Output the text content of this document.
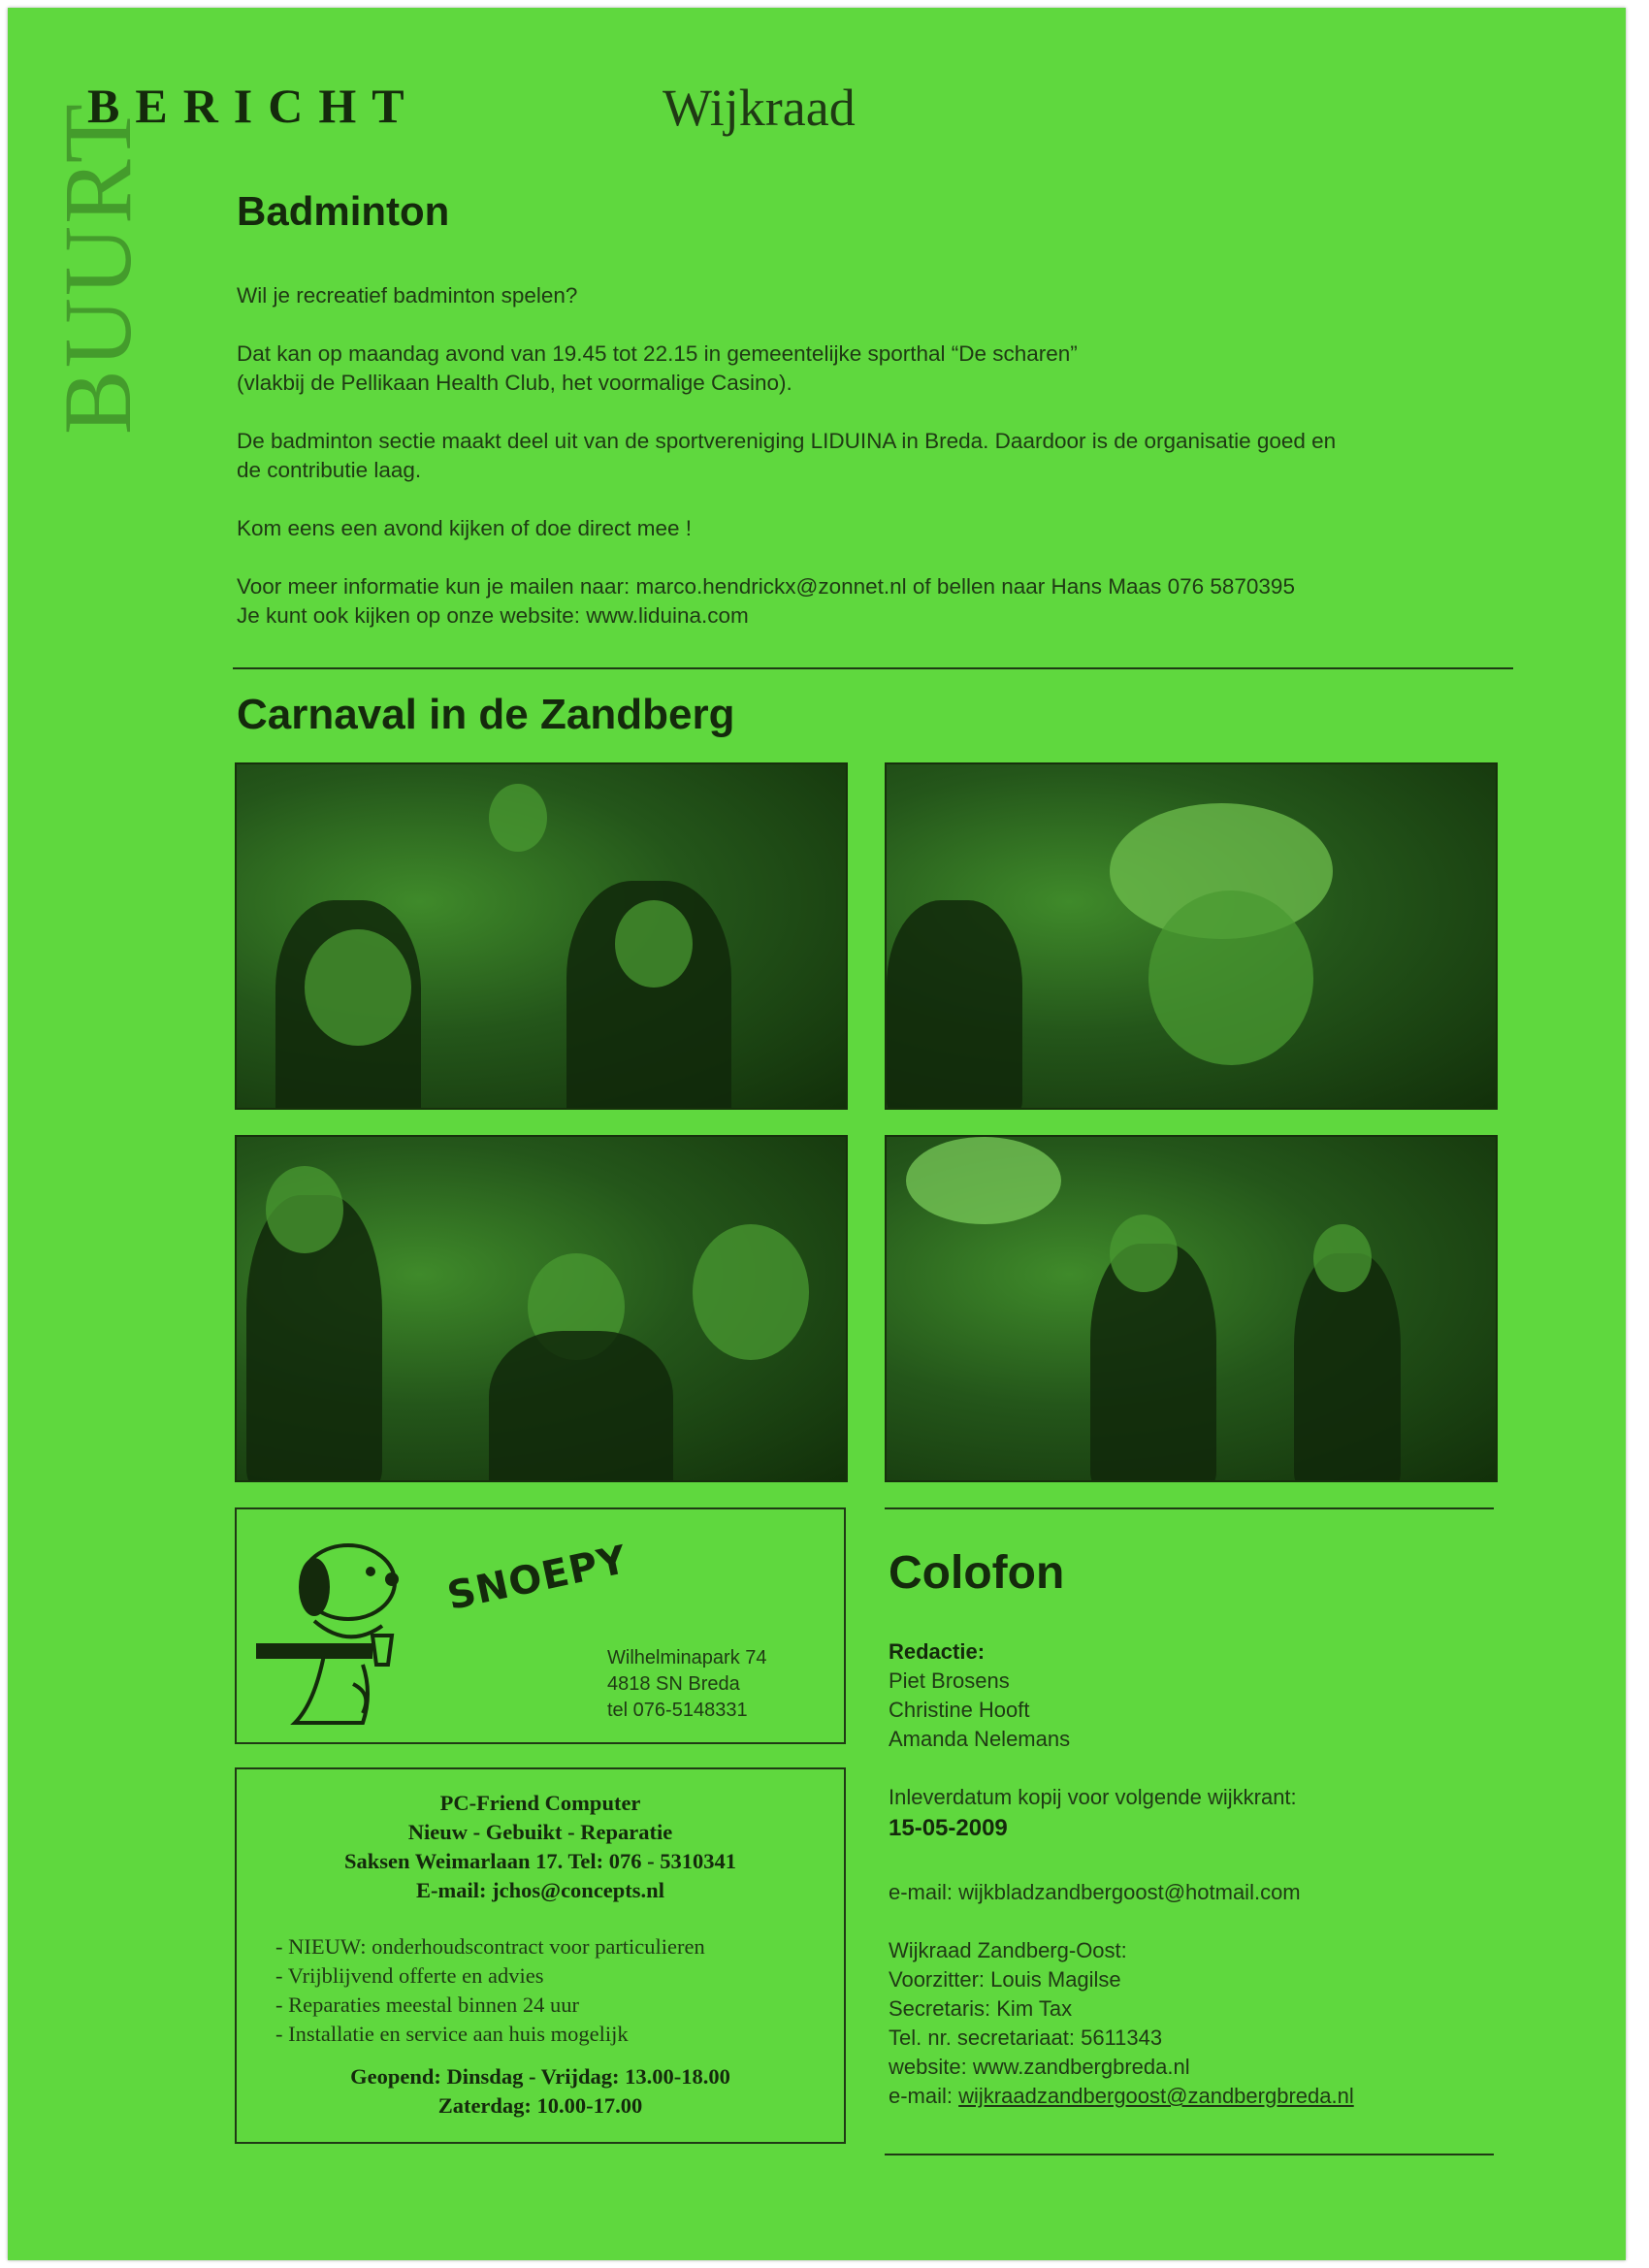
BERICHT	Wijkraad
BUURT Badminton

Wil je recreatief badminton spelen?

Dat kan op maandag avond van 19.45 tot 22.15 in gemeentelijke sporthal “De scharen”

(vlakbij de Pellikaan Health Club, het voormalige Casino).

De badminton sectie maakt deel uit van de sportvereniging LIDUINA in Breda. Daardoor is de organisatie goed en

de contributie laag.

Kom eens een avond kijken of doe direct mee !

Voor meer informatie kun je mailen naar: marco.hendrickx@zonnet.nl of bellen naar Hans Maas 076 5870395

Je kunt ook kijken op onze website: www.liduina.com

Carnaval in de Zandberg
SNOEPY
Wilhelminapark 74
4818 SN Breda
tel 076-5148331
PC-Friend Computer
Nieuw - Gebuikt - Reparatie
Saksen Weimarlaan 17. Tel: 076 - 5310341
E-mail: jchos@concepts.nl
- NIEUW: onderhoudscontract voor particulieren
- Vrijblijvend offerte en advies
- Reparaties meestal binnen 24 uur
- Installatie en service aan huis mogelijk
Geopend: Dinsdag - Vrijdag: 13.00-18.00
Zaterdag: 10.00-17.00
Colofon
Redactie:
Piet Brosens
Christine Hooft
Amanda Nelemans
Inleverdatum kopij voor volgende wijkkrant:
15-05-2009
e-mail: wijkbladzandbergoost@hotmail.com
Wijkraad Zandberg-Oost:
Voorzitter: Louis Magilse
Secretaris: Kim Tax
Tel. nr. secretariaat: 5611343
website: www.zandbergbreda.nl
e-mail: wijkraadzandbergoost@zandbergbreda.nl
